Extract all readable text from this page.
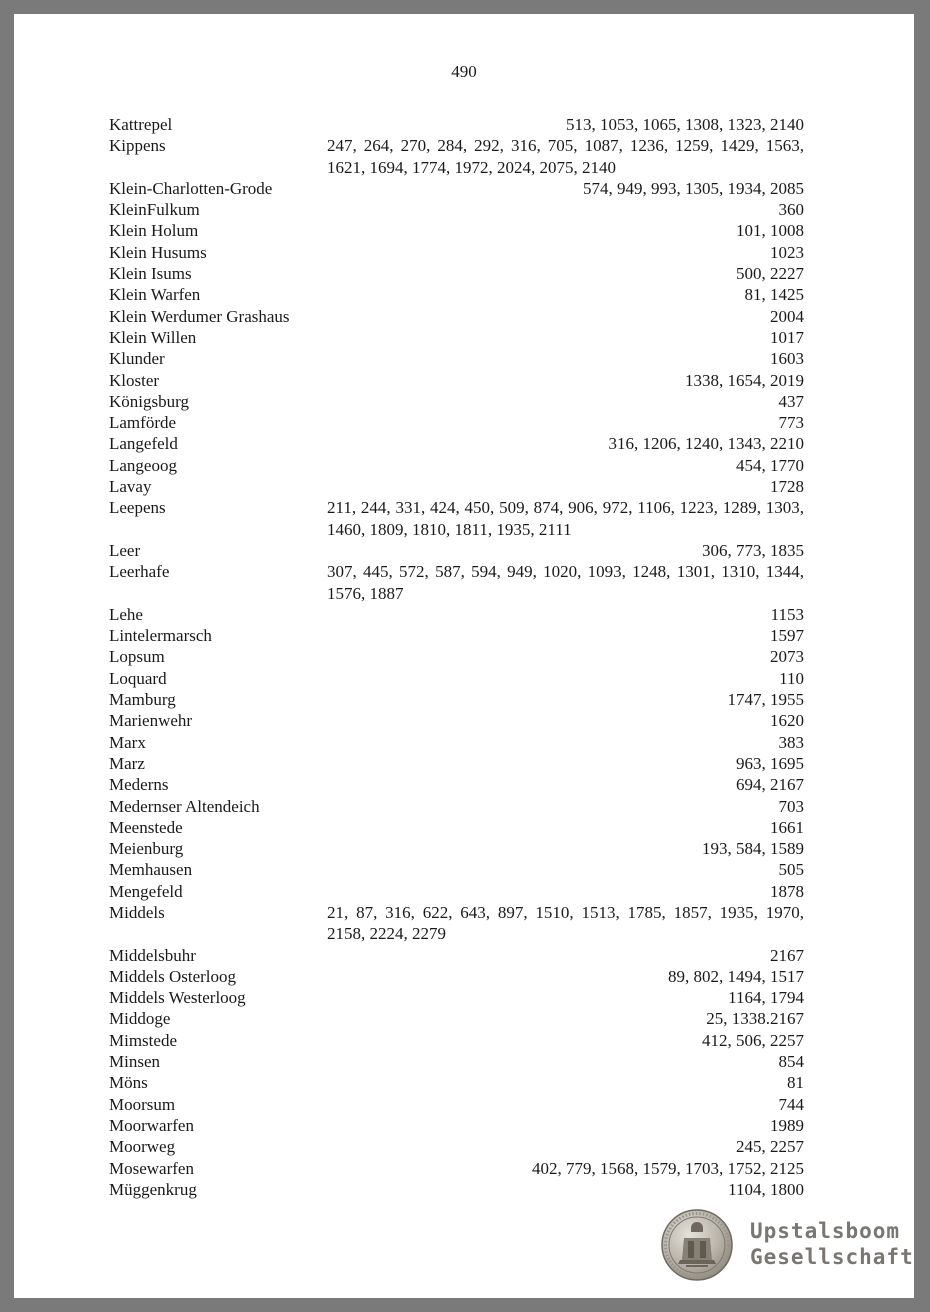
490
Kattrepel	513, 1053, 1065, 1308, 1323, 2140
Kippens	247, 264, 270, 284, 292, 316, 705, 1087, 1236, 1259, 1429, 1563, 1621, 1694, 1774, 1972, 2024, 2075, 2140
Klein-Charlotten-Grode	574, 949, 993, 1305, 1934, 2085
KleinFulkum	360
Klein Holum	101, 1008
Klein Husums	1023
Klein Isums	500, 2227
Klein Warfen	81, 1425
Klein Werdumer Grashaus	2004
Klein Willen	1017
Klunder	1603
Kloster	1338, 1654, 2019
Königsburg	437
Lamförde	773
Langefeld	316, 1206, 1240, 1343, 2210
Langeoog	454, 1770
Lavay	1728
Leepens	211, 244, 331, 424, 450, 509, 874, 906, 972, 1106, 1223, 1289, 1303, 1460, 1809, 1810, 1811, 1935, 2111
Leer	306, 773, 1835
Leerhafe	307, 445, 572, 587, 594, 949, 1020, 1093, 1248, 1301, 1310, 1344, 1576, 1887
Lehe	1153
Lintelermarsch	1597
Lopsum	2073
Loquard	110
Mamburg	1747, 1955
Marienwehr	1620
Marx	383
Marz	963, 1695
Mederns	694, 2167
Medernser Altendeich	703
Meenstede	1661
Meienburg	193, 584, 1589
Memhausen	505
Mengefeld	1878
Middels	21, 87, 316, 622, 643, 897, 1510, 1513, 1785, 1857, 1935, 1970, 2158, 2224, 2279
Middelsbuhr	2167
Middels Osterloog	89, 802, 1494, 1517
Middels Westerloog	1164, 1794
Middoge	25, 1338.2167
Mimstede	412, 506, 2257
Minsen	854
Möns	81
Moorsum	744
Moorwarfen	1989
Moorweg	245, 2257
Mosewarfen	402, 779, 1568, 1579, 1703, 1752, 2125
Müggenkrug	1104, 1800
Upstalsboom
Gesellschaft
